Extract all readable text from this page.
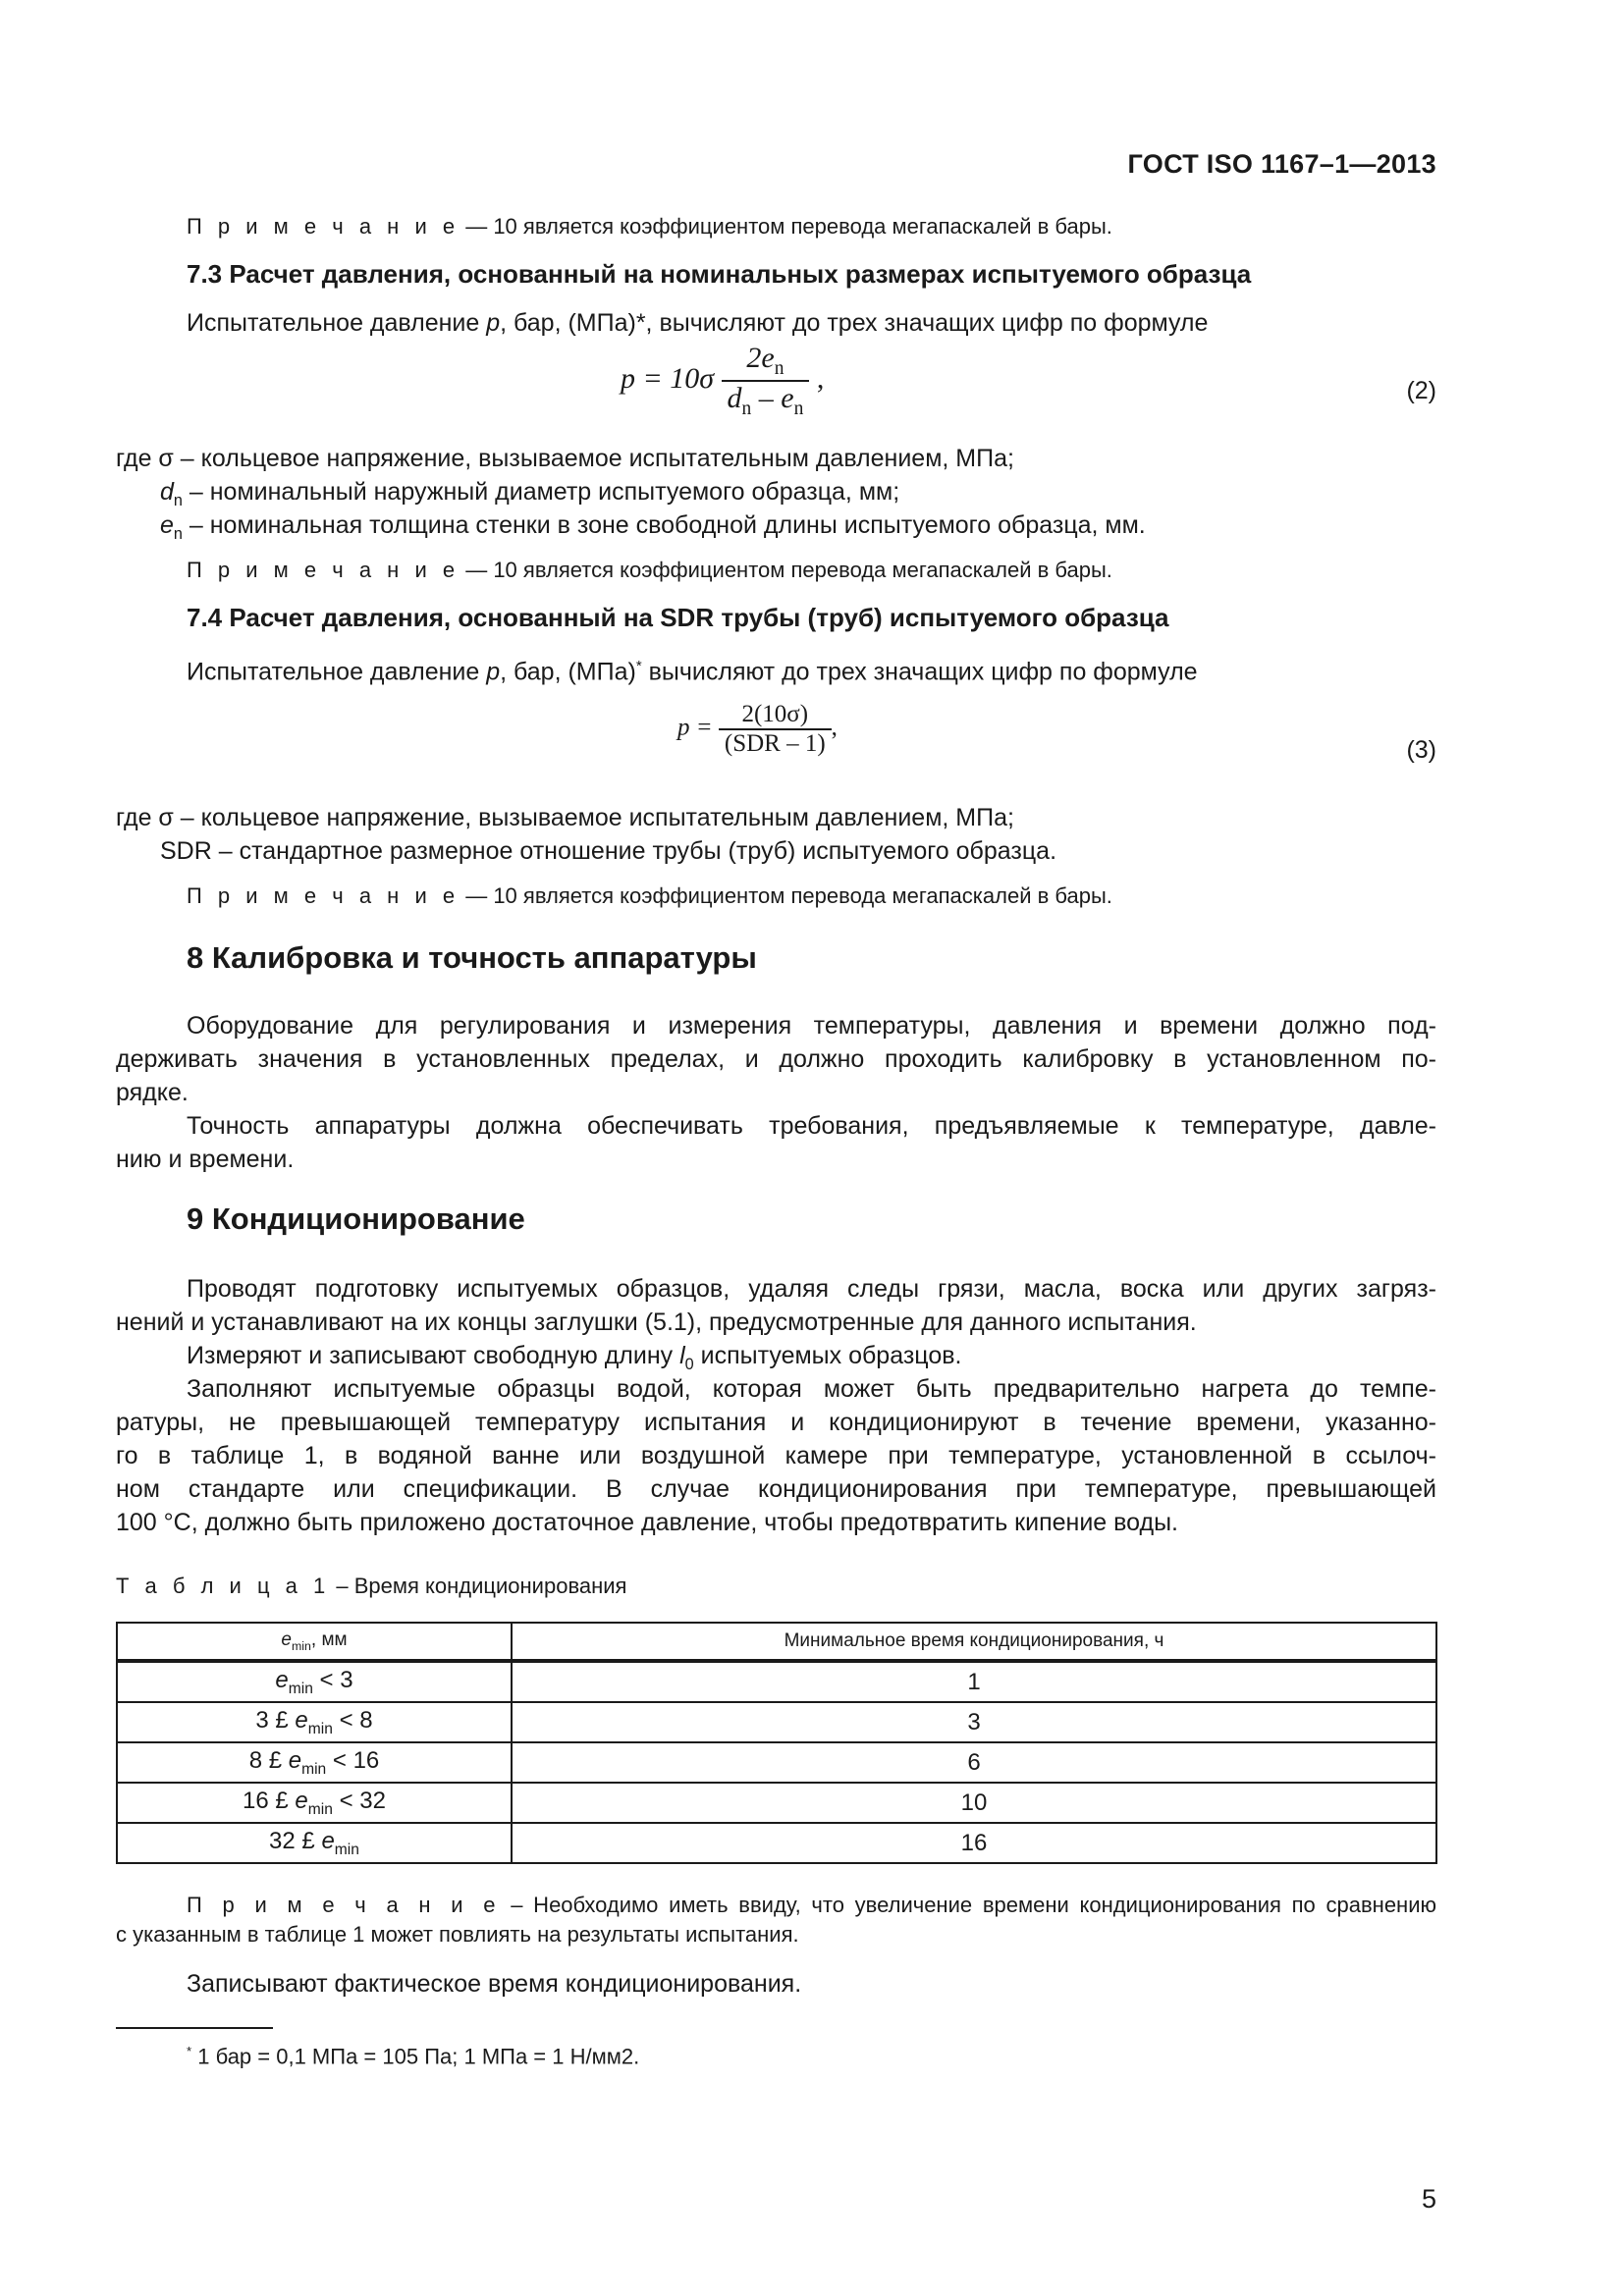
ГОСТ ISO 1167–1—2013
П р и м е ч а н и е — 10 является коэффициентом перевода мегапаскалей в бары.
7.3 Расчет давления, основанный на номинальных размерах испытуемого образца
Испытательное давление p, бар, (МПа)*, вычисляют до трех значащих цифр по формуле
$p = 10\sigma \frac{2e_n}{d_n - e_n}$ ,	(2)
где σ – кольцевое напряжение, вызываемое испытательным давлением, МПа;
$d_n$ – номинальный наружный диаметр испытуемого образца, мм;
$e_n$ – номинальная толщина стенки в зоне свободной длины испытуемого образца, мм.
П р и м е ч а н и е — 10 является коэффициентом перевода мегапаскалей в бары.
7.4 Расчет давления, основанный на SDR трубы (труб) испытуемого образца
Испытательное давление p, бар, (МПа)* вычисляют до трех значащих цифр по формуле
$p = \frac{2(10\sigma)}{\text{(SDR – 1)}}$ ,
(3)
где σ – кольцевое напряжение, вызываемое испытательным давлением, МПа;
SDR – стандартное размерное отношение трубы (труб) испытуемого образца.
П р и м е ч а н и е — 10 является коэффициентом перевода мегапаскалей в бары.
8 Калибровка и точность аппаратуры
Оборудование для регулирования и измерения температуры, давления и времени должно под-
держивать значения в установленных пределах, и должно проходить калибровку в установленном по-
рядке.
Точность аппаратуры должна обеспечивать требования, предъявляемые к температуре, давле-
нию и времени.
9 Кондиционирование
Проводят подготовку испытуемых образцов, удаляя следы грязи, масла, воска или других загряз-
нений и устанавливают на их концы заглушки (5.1), предусмотренные для данного испытания.
Измеряют и записывают свободную длину $l_0$ испытуемых образцов.
Заполняют испытуемые образцы водой, которая может быть предварительно нагрета до темпе-
ратуры, не превышающей температуру испытания и кондиционируют в течение времени, указанно-
го в таблице 1, в водяной ванне или воздушной камере при температуре, установленной в ссылоч-
ном стандарте или спецификации. В случае кондиционирования при температуре, превышающей
100 °С, должно быть приложено достаточное давление, чтобы предотвратить кипение воды.
Т а б л и ц а 1 – Время кондиционирования
$e_{min}$, мм	Минимальное время кондиционирования, ч
$e_{min} < 3$	1
3 £ $e_{min} < 8$	3
8 £ $e_{min} < 16$	6
16 £ $e_{min} < 32$	10
32 £ $e_{min}$	16
П р и м е ч а н и е – Необходимо иметь ввиду, что увеличение времени кондиционирования по сравнению
с указанным в таблице 1 может повлиять на результаты испытания.
Записывают фактическое время кондиционирования.
* 1 бар = 0,1 МПа = 105 Па; 1 МПа = 1 Н/мм2.
5
